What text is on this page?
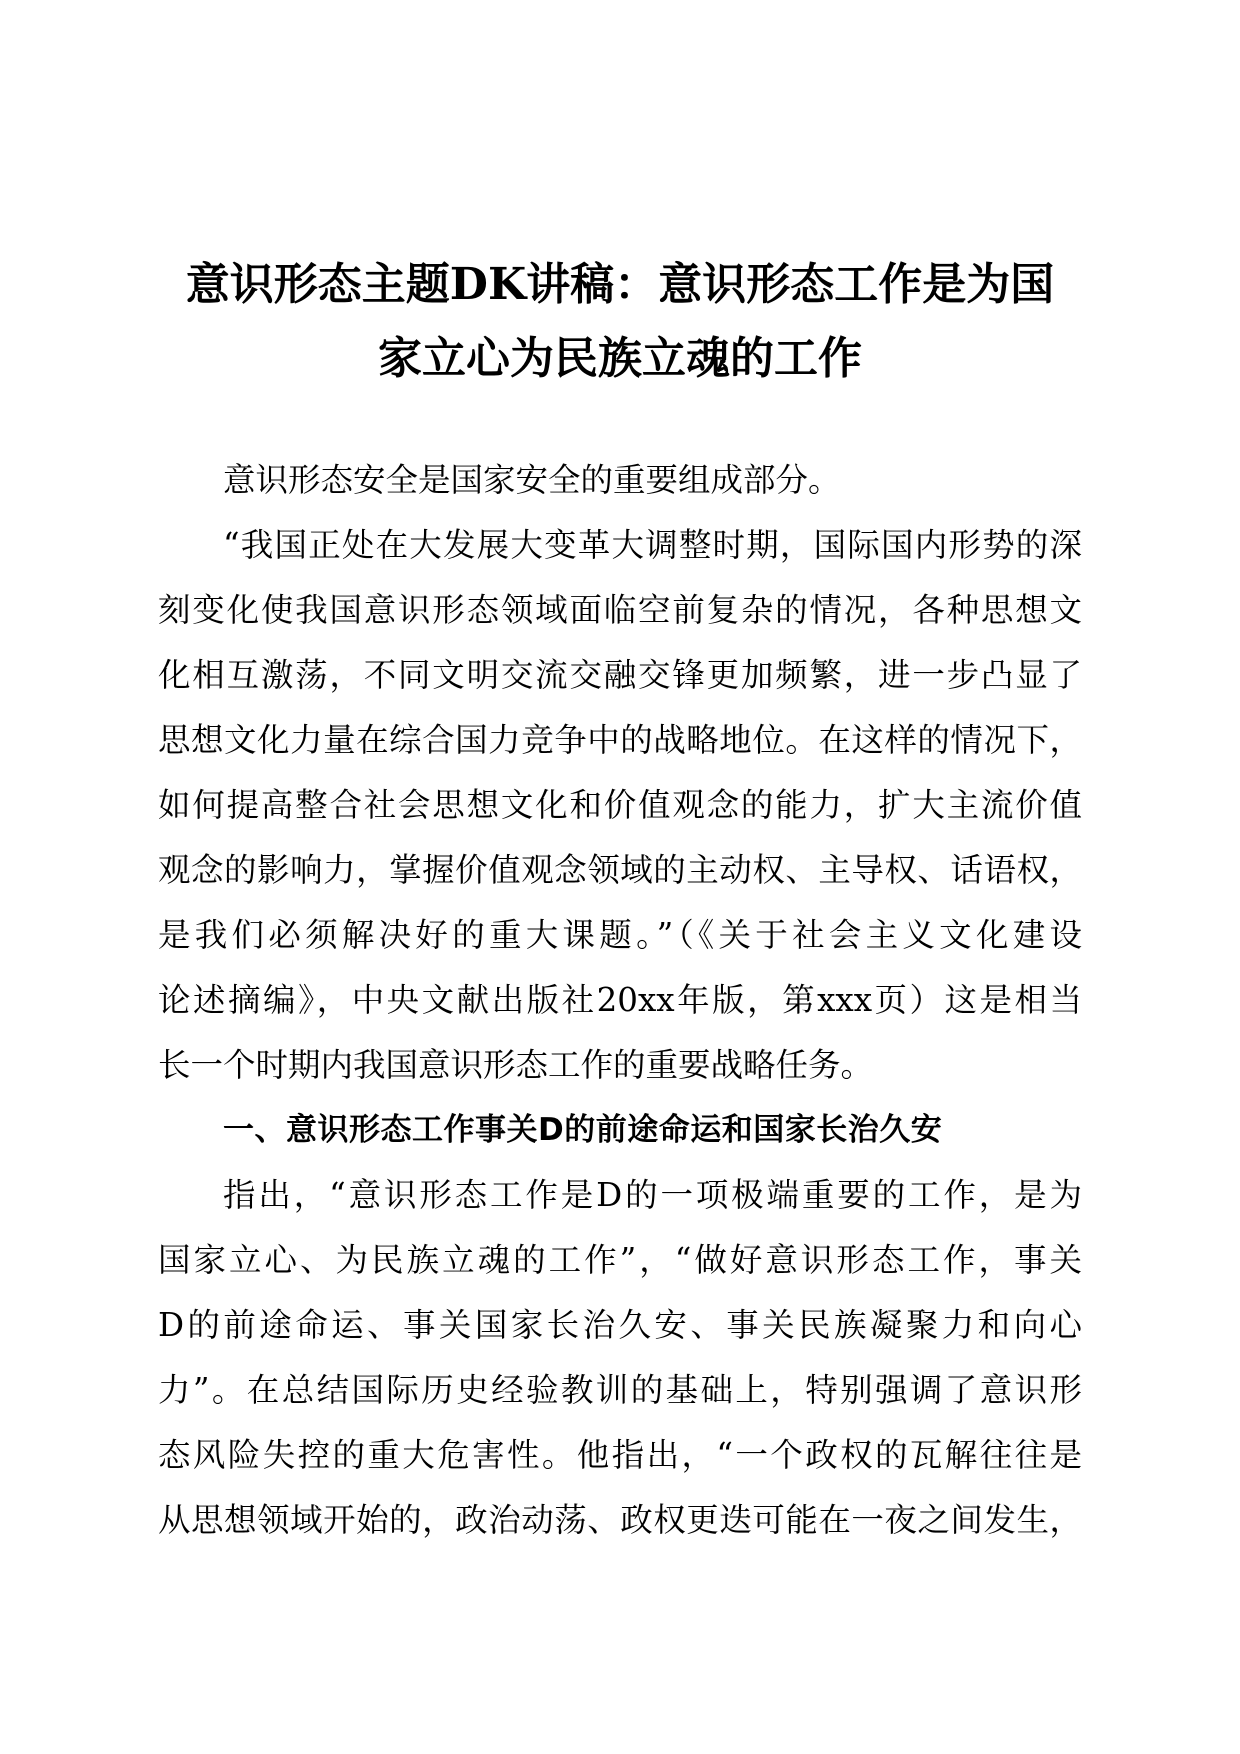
意识形态主题DK讲稿：意识形态工作是为国
家立心为民族立魂的工作
意识形态安全是国家安全的重要组成部分。
“我国正处在大发展大变革大调整时期，国际国内形势的深
刻变化使我国意识形态领域面临空前复杂的情况，各种思想文
化相互激荡，不同文明交流交融交锋更加频繁，进一步凸显了
思想文化力量在综合国力竞争中的战略地位。在这样的情况下，
如何提高整合社会思想文化和价值观念的能力，扩大主流价值
观念的影响力，掌握价值观念领域的主动权、主导权、话语权，
是我们必须解决好的重大课题。”（《关于社会主义文化建设
论述摘编》，中央文献出版社20xx年版，第xxx页）这是相当
长一个时期内我国意识形态工作的重要战略任务。
一、意识形态工作事关D的前途命运和国家长治久安
指出，“意识形态工作是D的一项极端重要的工作，是为
国家立心、为民族立魂的工作”，“做好意识形态工作，事关
D的前途命运、事关国家长治久安、事关民族凝聚力和向心
力”。在总结国际历史经验教训的基础上，特别强调了意识形
态风险失控的重大危害性。他指出，“一个政权的瓦解往往是
从思想领域开始的，政治动荡、政权更迭可能在一夜之间发生，
